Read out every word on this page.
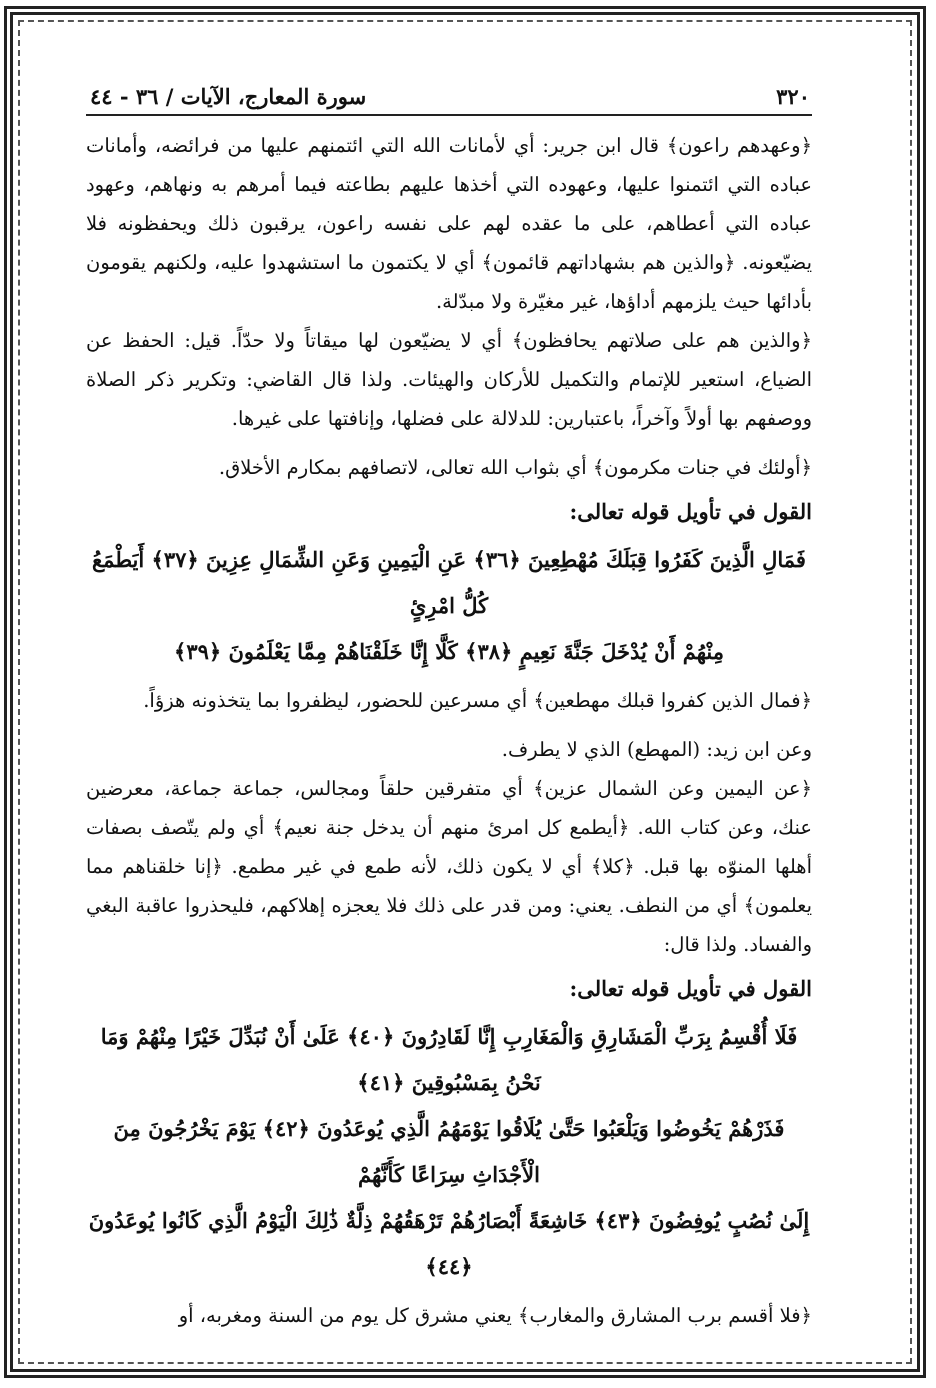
٣٢٠
سورة المعارج، الآيات / ٣٦ - ٤٤

﴿وعهدهم راعون﴾ قال ابن جرير: أي لأمانات الله التي ائتمنهم عليها من فرائضه، وأمانات عباده التي ائتمنوا عليها، وعهوده التي أخذها عليهم بطاعته فيما أمرهم به ونهاهم، وعهود عباده التي أعطاهم، على ما عقده لهم على نفسه راعون، يرقبون ذلك ويحفظونه فلا يضيّعونه. ﴿والذين هم بشهاداتهم قائمون﴾ أي لا يكتمون ما استشهدوا عليه، ولكنهم يقومون بأدائها حيث يلزمهم أداؤها، غير مغيّرة ولا مبدّلة.

﴿والذين هم على صلاتهم يحافظون﴾ أي لا يضيّعون لها ميقاتاً ولا حدّاً. قيل: الحفظ عن الضياع، استعير للإتمام والتكميل للأركان والهيئات. ولذا قال القاضي: وتكرير ذكر الصلاة ووصفهم بها أولاً وآخراً، باعتبارين: للدلالة على فضلها، وإنافتها على غيرها.

﴿أولئك في جنات مكرمون﴾ أي بثواب الله تعالى، لاتصافهم بمكارم الأخلاق.

القول في تأويل قوله تعالى:
فَمَالِ الَّذِينَ كَفَرُوا قِبَلَكَ مُهْطِعِينَ ﴿٣٦﴾ عَنِ الْيَمِينِ وَعَنِ الشِّمَالِ عِزِينَ ﴿٣٧﴾ أَيَطْمَعُ كُلُّ امْرِئٍ
مِنْهُمْ أَنْ يُدْخَلَ جَنَّةَ نَعِيمٍ ﴿٣٨﴾ كَلَّا إِنَّا خَلَقْنَاهُمْ مِمَّا يَعْلَمُونَ ﴿٣٩﴾

﴿فمال الذين كفروا قبلك مهطعين﴾ أي مسرعين للحضور، ليظفروا بما يتخذونه هزؤاً.

وعن ابن زيد: (المهطع) الذي لا يطرف.

﴿عن اليمين وعن الشمال عزين﴾ أي متفرقين حلقاً ومجالس، جماعة جماعة، معرضين عنك، وعن كتاب الله. ﴿أيطمع كل امرئ منهم أن يدخل جنة نعيم﴾ أي ولم يتّصف بصفات أهلها المنوّه بها قبل. ﴿كلا﴾ أي لا يكون ذلك، لأنه طمع في غير مطمع. ﴿إنا خلقناهم مما يعلمون﴾ أي من النطف. يعني: ومن قدر على ذلك فلا يعجزه إهلاكهم، فليحذروا عاقبة البغي والفساد. ولذا قال:

القول في تأويل قوله تعالى:
فَلَا أُقْسِمُ بِرَبِّ الْمَشَارِقِ وَالْمَغَارِبِ إِنَّا لَقَادِرُونَ ﴿٤٠﴾ عَلَىٰ أَنْ نُبَدِّلَ خَيْرًا مِنْهُمْ وَمَا نَحْنُ بِمَسْبُوقِينَ ﴿٤١﴾
فَذَرْهُمْ يَخُوضُوا وَيَلْعَبُوا حَتَّىٰ يُلَاقُوا يَوْمَهُمُ الَّذِي يُوعَدُونَ ﴿٤٢﴾ يَوْمَ يَخْرُجُونَ مِنَ الْأَجْدَاثِ سِرَاعًا كَأَنَّهُمْ
إِلَىٰ نُصُبٍ يُوفِضُونَ ﴿٤٣﴾ خَاشِعَةً أَبْصَارُهُمْ تَرْهَقُهُمْ ذِلَّةٌ ذَٰلِكَ الْيَوْمُ الَّذِي كَانُوا يُوعَدُونَ ﴿٤٤﴾

﴿فلا أقسم برب المشارق والمغارب﴾ يعني مشرق كل يوم من السنة ومغربه، أو
